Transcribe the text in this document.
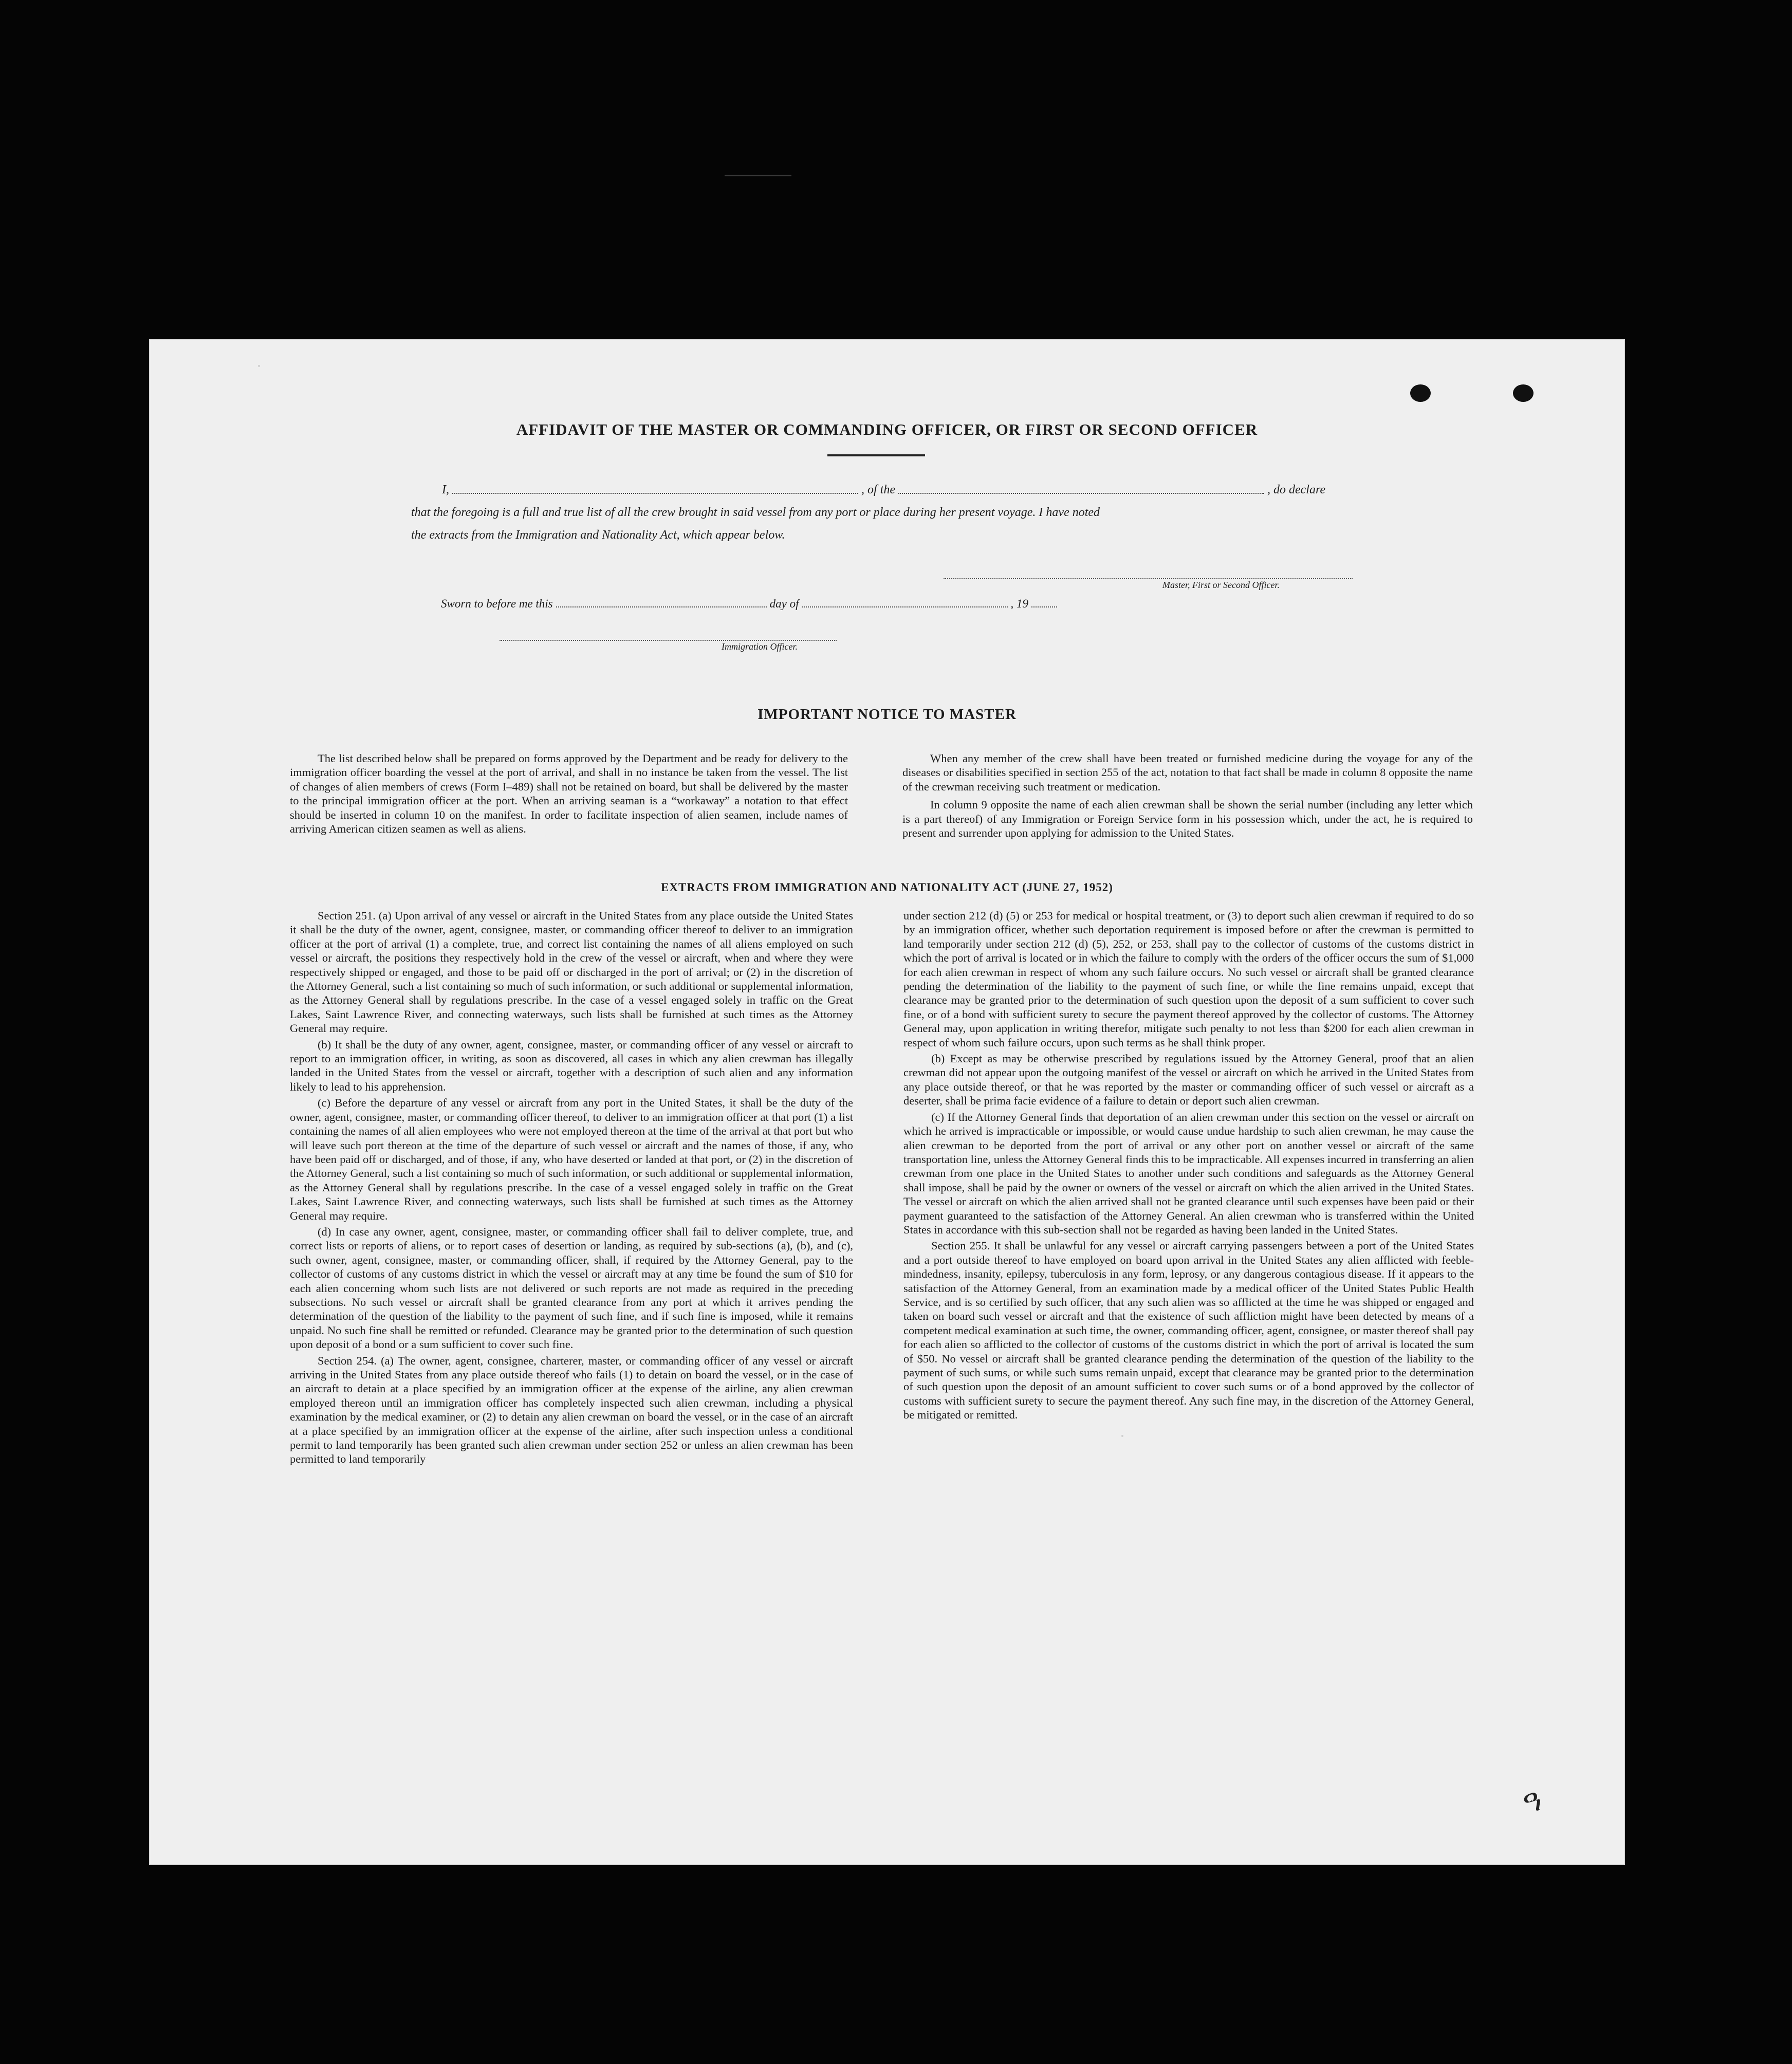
AFFIDAVIT OF THE MASTER OR COMMANDING OFFICER, OR FIRST OR SECOND OFFICER
I,	, of the	, do declare
that the foregoing is a full and true list of all the crew brought in said vessel from any port or place during her present voyage. I have noted
the extracts from the Immigration and Nationality Act, which appear below.
Master, First or Second Officer.
Sworn to before me this	day of	, 19
Immigration Officer.
IMPORTANT NOTICE TO MASTER

The list described below shall be prepared on forms approved by the Department and be ready for delivery to the immigration officer boarding the vessel at the port of arrival, and shall in no instance be taken from the vessel. The list of changes of alien members of crews (Form I–489) shall not be retained on board, but shall be delivered by the master to the principal immigration officer at the port. When an arriving seaman is a “workaway” a notation to that effect should be inserted in column 10 on the manifest. In order to facilitate inspection of alien seamen, include names of arriving American citizen seamen as well as aliens.

When any member of the crew shall have been treated or furnished medicine during the voyage for any of the diseases or disabilities specified in section 255 of the act, notation to that fact shall be made in column 8 opposite the name of the crewman receiving such treatment or medication.

In column 9 opposite the name of each alien crewman shall be shown the serial number (including any letter which is a part thereof) of any Immigration or Foreign Service form in his possession which, under the act, he is required to present and surrender upon applying for admission to the United States.

EXTRACTS FROM IMMIGRATION AND NATIONALITY ACT (JUNE 27, 1952)

Section 251. (a) Upon arrival of any vessel or aircraft in the United States from any place outside the United States it shall be the duty of the owner, agent, consignee, master, or commanding officer thereof to deliver to an immigration officer at the port of arrival (1) a complete, true, and correct list containing the names of all aliens employed on such vessel or aircraft, the positions they respectively hold in the crew of the vessel or aircraft, when and where they were respectively shipped or engaged, and those to be paid off or discharged in the port of arrival; or (2) in the discretion of the Attorney General, such a list containing so much of such information, or such additional or supplemental information, as the Attorney General shall by regulations prescribe. In the case of a vessel engaged solely in traffic on the Great Lakes, Saint Lawrence River, and connecting waterways, such lists shall be furnished at such times as the Attorney General may require.

(b) It shall be the duty of any owner, agent, consignee, master, or commanding officer of any vessel or aircraft to report to an immigration officer, in writing, as soon as discovered, all cases in which any alien crewman has illegally landed in the United States from the vessel or aircraft, together with a description of such alien and any information likely to lead to his apprehension.

(c) Before the departure of any vessel or aircraft from any port in the United States, it shall be the duty of the owner, agent, consignee, master, or commanding officer thereof, to deliver to an immigration officer at that port (1) a list containing the names of all alien employees who were not employed thereon at the time of the arrival at that port but who will leave such port thereon at the time of the departure of such vessel or aircraft and the names of those, if any, who have been paid off or discharged, and of those, if any, who have deserted or landed at that port, or (2) in the discretion of the Attorney General, such a list containing so much of such information, or such additional or supplemental information, as the Attorney General shall by regulations prescribe. In the case of a vessel engaged solely in traffic on the Great Lakes, Saint Lawrence River, and connecting waterways, such lists shall be furnished at such times as the Attorney General may require.

(d) In case any owner, agent, consignee, master, or commanding officer shall fail to deliver complete, true, and correct lists or reports of aliens, or to report cases of desertion or landing, as required by sub-sections (a), (b), and (c), such owner, agent, consignee, master, or commanding officer, shall, if required by the Attorney General, pay to the collector of customs of any customs district in which the vessel or aircraft may at any time be found the sum of $10 for each alien concerning whom such lists are not delivered or such reports are not made as required in the preceding subsections. No such vessel or aircraft shall be granted clearance from any port at which it arrives pending the determination of the question of the liability to the payment of such fine, and if such fine is imposed, while it remains unpaid. No such fine shall be remitted or refunded. Clearance may be granted prior to the determination of such question upon deposit of a bond or a sum sufficient to cover such fine.

Section 254. (a) The owner, agent, consignee, charterer, master, or commanding officer of any vessel or aircraft arriving in the United States from any place outside thereof who fails (1) to detain on board the vessel, or in the case of an aircraft to detain at a place specified by an immigration officer at the expense of the airline, any alien crewman employed thereon until an immigration officer has completely inspected such alien crewman, including a physical examination by the medical examiner, or (2) to detain any alien crewman on board the vessel, or in the case of an aircraft at a place specified by an immigration officer at the expense of the airline, after such inspection unless a conditional permit to land temporarily has been granted such alien crewman under section 252 or unless an alien crewman has been permitted to land temporarily

under section 212 (d) (5) or 253 for medical or hospital treatment, or (3) to deport such alien crewman if required to do so by an immigration officer, whether such deportation requirement is imposed before or after the crewman is permitted to land temporarily under section 212 (d) (5), 252, or 253, shall pay to the collector of customs of the customs district in which the port of arrival is located or in which the failure to comply with the orders of the officer occurs the sum of $1,000 for each alien crewman in respect of whom any such failure occurs. No such vessel or aircraft shall be granted clearance pending the determination of the liability to the payment of such fine, or while the fine remains unpaid, except that clearance may be granted prior to the determination of such question upon the deposit of a sum sufficient to cover such fine, or of a bond with sufficient surety to secure the payment thereof approved by the collector of customs. The Attorney General may, upon application in writing therefor, mitigate such penalty to not less than $200 for each alien crewman in respect of whom such failure occurs, upon such terms as he shall think proper.

(b) Except as may be otherwise prescribed by regulations issued by the Attorney General, proof that an alien crewman did not appear upon the outgoing manifest of the vessel or aircraft on which he arrived in the United States from any place outside thereof, or that he was reported by the master or commanding officer of such vessel or aircraft as a deserter, shall be prima facie evidence of a failure to detain or deport such alien crewman.

(c) If the Attorney General finds that deportation of an alien crewman under this section on the vessel or aircraft on which he arrived is impracticable or impossible, or would cause undue hardship to such alien crewman, he may cause the alien crewman to be deported from the port of arrival or any other port on another vessel or aircraft of the same transportation line, unless the Attorney General finds this to be impracticable. All expenses incurred in transferring an alien crewman from one place in the United States to another under such conditions and safeguards as the Attorney General shall impose, shall be paid by the owner or owners of the vessel or aircraft on which the alien arrived in the United States. The vessel or aircraft on which the alien arrived shall not be granted clearance until such expenses have been paid or their payment guaranteed to the satisfaction of the Attorney General. An alien crewman who is transferred within the United States in accordance with this sub-section shall not be regarded as having been landed in the United States.

Section 255. It shall be unlawful for any vessel or aircraft carrying passengers between a port of the United States and a port outside thereof to have employed on board upon arrival in the United States any alien afflicted with feeble-mindedness, insanity, epilepsy, tuberculosis in any form, leprosy, or any dangerous contagious disease. If it appears to the satisfaction of the Attorney General, from an examination made by a medical officer of the United States Public Health Service, and is so certified by such officer, that any such alien was so afflicted at the time he was shipped or engaged and taken on board such vessel or aircraft and that the existence of such affliction might have been detected by means of a competent medical examination at such time, the owner, commanding officer, agent, consignee, or master thereof shall pay for each alien so afflicted to the collector of customs of the customs district in which the port of arrival is located the sum of $50. No vessel or aircraft shall be granted clearance pending the determination of the question of the liability to the payment of such sums, or while such sums remain unpaid, except that clearance may be granted prior to the determination of such question upon the deposit of an amount sufficient to cover such sums or of a bond approved by the collector of customs with sufficient surety to secure the payment thereof. Any such fine may, in the discretion of the Attorney General, be mitigated or remitted.

ዓ
